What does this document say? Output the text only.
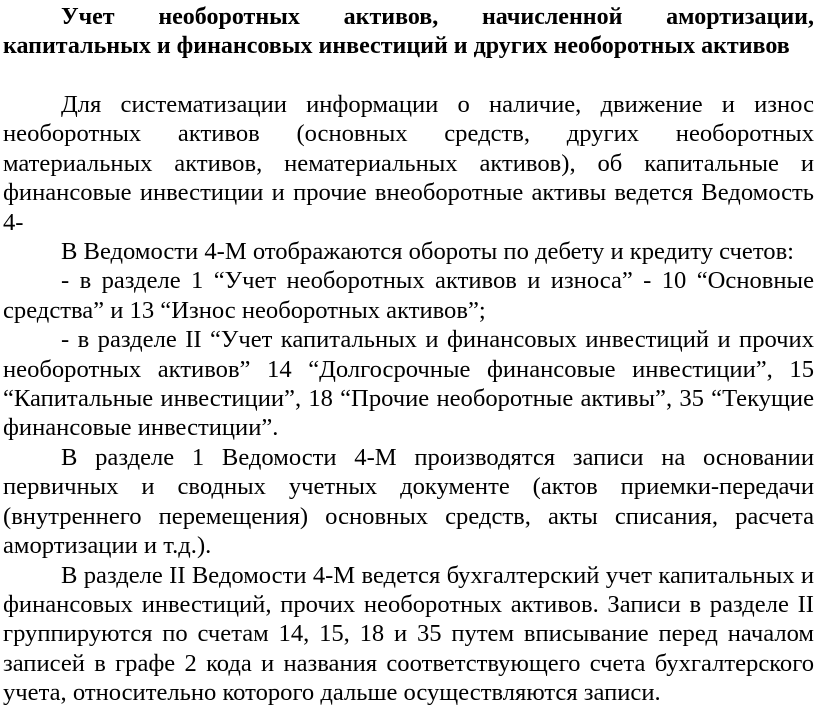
Учет необоротных активов, начисленной амортизации, капитальных и финансовых инвестиций и других необоротных активов

Для систематизации информации о наличие, движение и износ необоротных активов (основных средств, других необоротных материальных активов, нематериальных активов), об капитальные и финансовые инвестиции и прочие внеоборотные активы ведется Ведомость 4-

В Ведомости 4-М отображаются обороты по дебету и кредиту счетов:

- в разделе 1 “Учет необоротных активов и износа” - 10 “Основные средства” и 13 “Износ необоротных активов”;

- в разделе II “Учет капитальных и финансовых инвестиций и прочих необоротных активов” 14 “Долгосрочные финансовые инвестиции”, 15 “Капитальные инвестиции”, 18 “Прочие необоротные активы”, 35 “Текущие финансовые инвестиции”.

В разделе 1 Ведомости 4-М производятся записи на основании первичных и сводных учетных документе (актов приемки-передачи (внутреннего перемещения) основных средств, акты списания, расчета амортизации и т.д.).

В разделе II Ведомости 4-М ведется бухгалтерский учет капитальных и финансовых инвестиций, прочих необоротных активов. Записи в разделе II группируются по счетам 14, 15, 18 и 35 путем вписывание перед началом записей в графе 2 кода и названия соответствующего счета бухгалтерского учета, относительно которого дальше осуществляются записи.
